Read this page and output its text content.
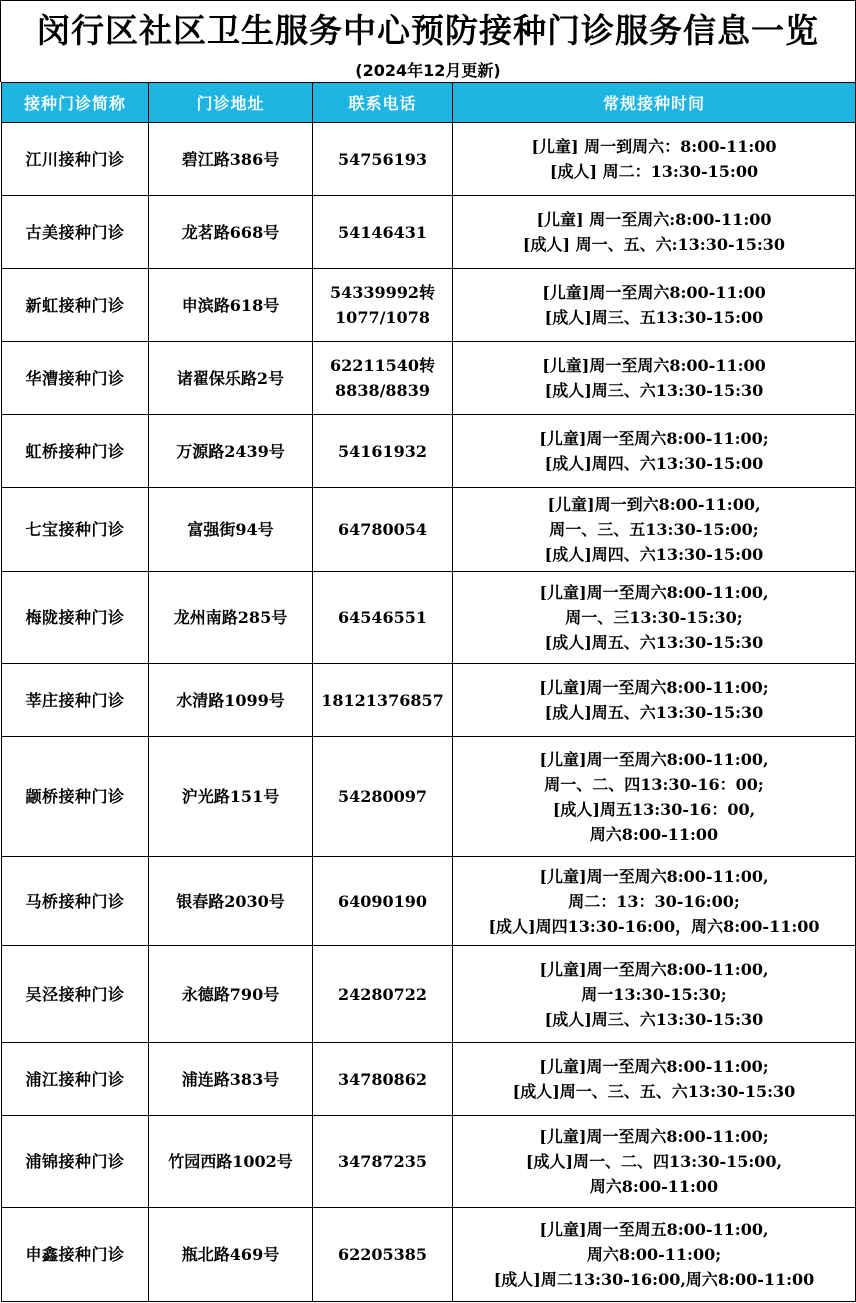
闵行区社区卫生服务中心预防接种门诊服务信息一览
(2024年12月更新)
接种门诊简称	门诊地址	联系电话	常规接种时间
江川接种门诊	碧江路386号	54756193	[儿童] 周一到周六：8:00-11:00
[成人] 周二：13:30-15:00

古美接种门诊	龙茗路668号	54146431	[儿童] 周一至周六:8:00-11:00
[成人] 周一、五、六:13:30-15:30

新虹接种门诊	申滨路618号	54339992转
1077/1078	[儿童]周一至周六8:00-11:00
[成人]周三、五13:30-15:00

华漕接种门诊	诸翟保乐路2号	62211540转
8838/8839	[儿童]周一至周六8:00-11:00
[成人]周三、六13:30-15:30

虹桥接种门诊	万源路2439号	54161932	[儿童]周一至周六8:00-11:00;
[成人]周四、六13:30-15:00

七宝接种门诊	富强街94号	64780054	[儿童]周一到六8:00-11:00,
周一、三、五13:30-15:00;
[成人]周四、六13:30-15:00

梅陇接种门诊	龙州南路285号	64546551	[儿童]周一至周六8:00-11:00,
周一、三13:30-15:30;
[成人]周五、六13:30-15:30

莘庄接种门诊	水清路1099号	18121376857	[儿童]周一至周六8:00-11:00;
[成人]周五、六13:30-15:30

颛桥接种门诊	沪光路151号	54280097	[儿童]周一至周六8:00-11:00,
周一、二、四13:30-16：00;
[成人]周五13:30-16：00,
周六8:00-11:00

马桥接种门诊	银春路2030号	64090190	[儿童]周一至周六8:00-11:00,
周二：13：30-16:00;
[成人]周四13:30-16:00，周六8:00-11:00

吴泾接种门诊	永德路790号	24280722	[儿童]周一至周六8:00-11:00,
周一13:30-15:30;
[成人]周三、六13:30-15:30

浦江接种门诊	浦连路383号	34780862	[儿童]周一至周六8:00-11:00;
[成人]周一、三、五、六13:30-15:30

浦锦接种门诊	竹园西路1002号	34787235	[儿童]周一至周六8:00-11:00;
[成人]周一、二、四13:30-15:00,
周六8:00-11:00

申鑫接种门诊	瓶北路469号	62205385	[儿童]周一至周五8:00-11:00,
周六8:00-11:00;
[成人]周二13:30-16:00,周六8:00-11:00
